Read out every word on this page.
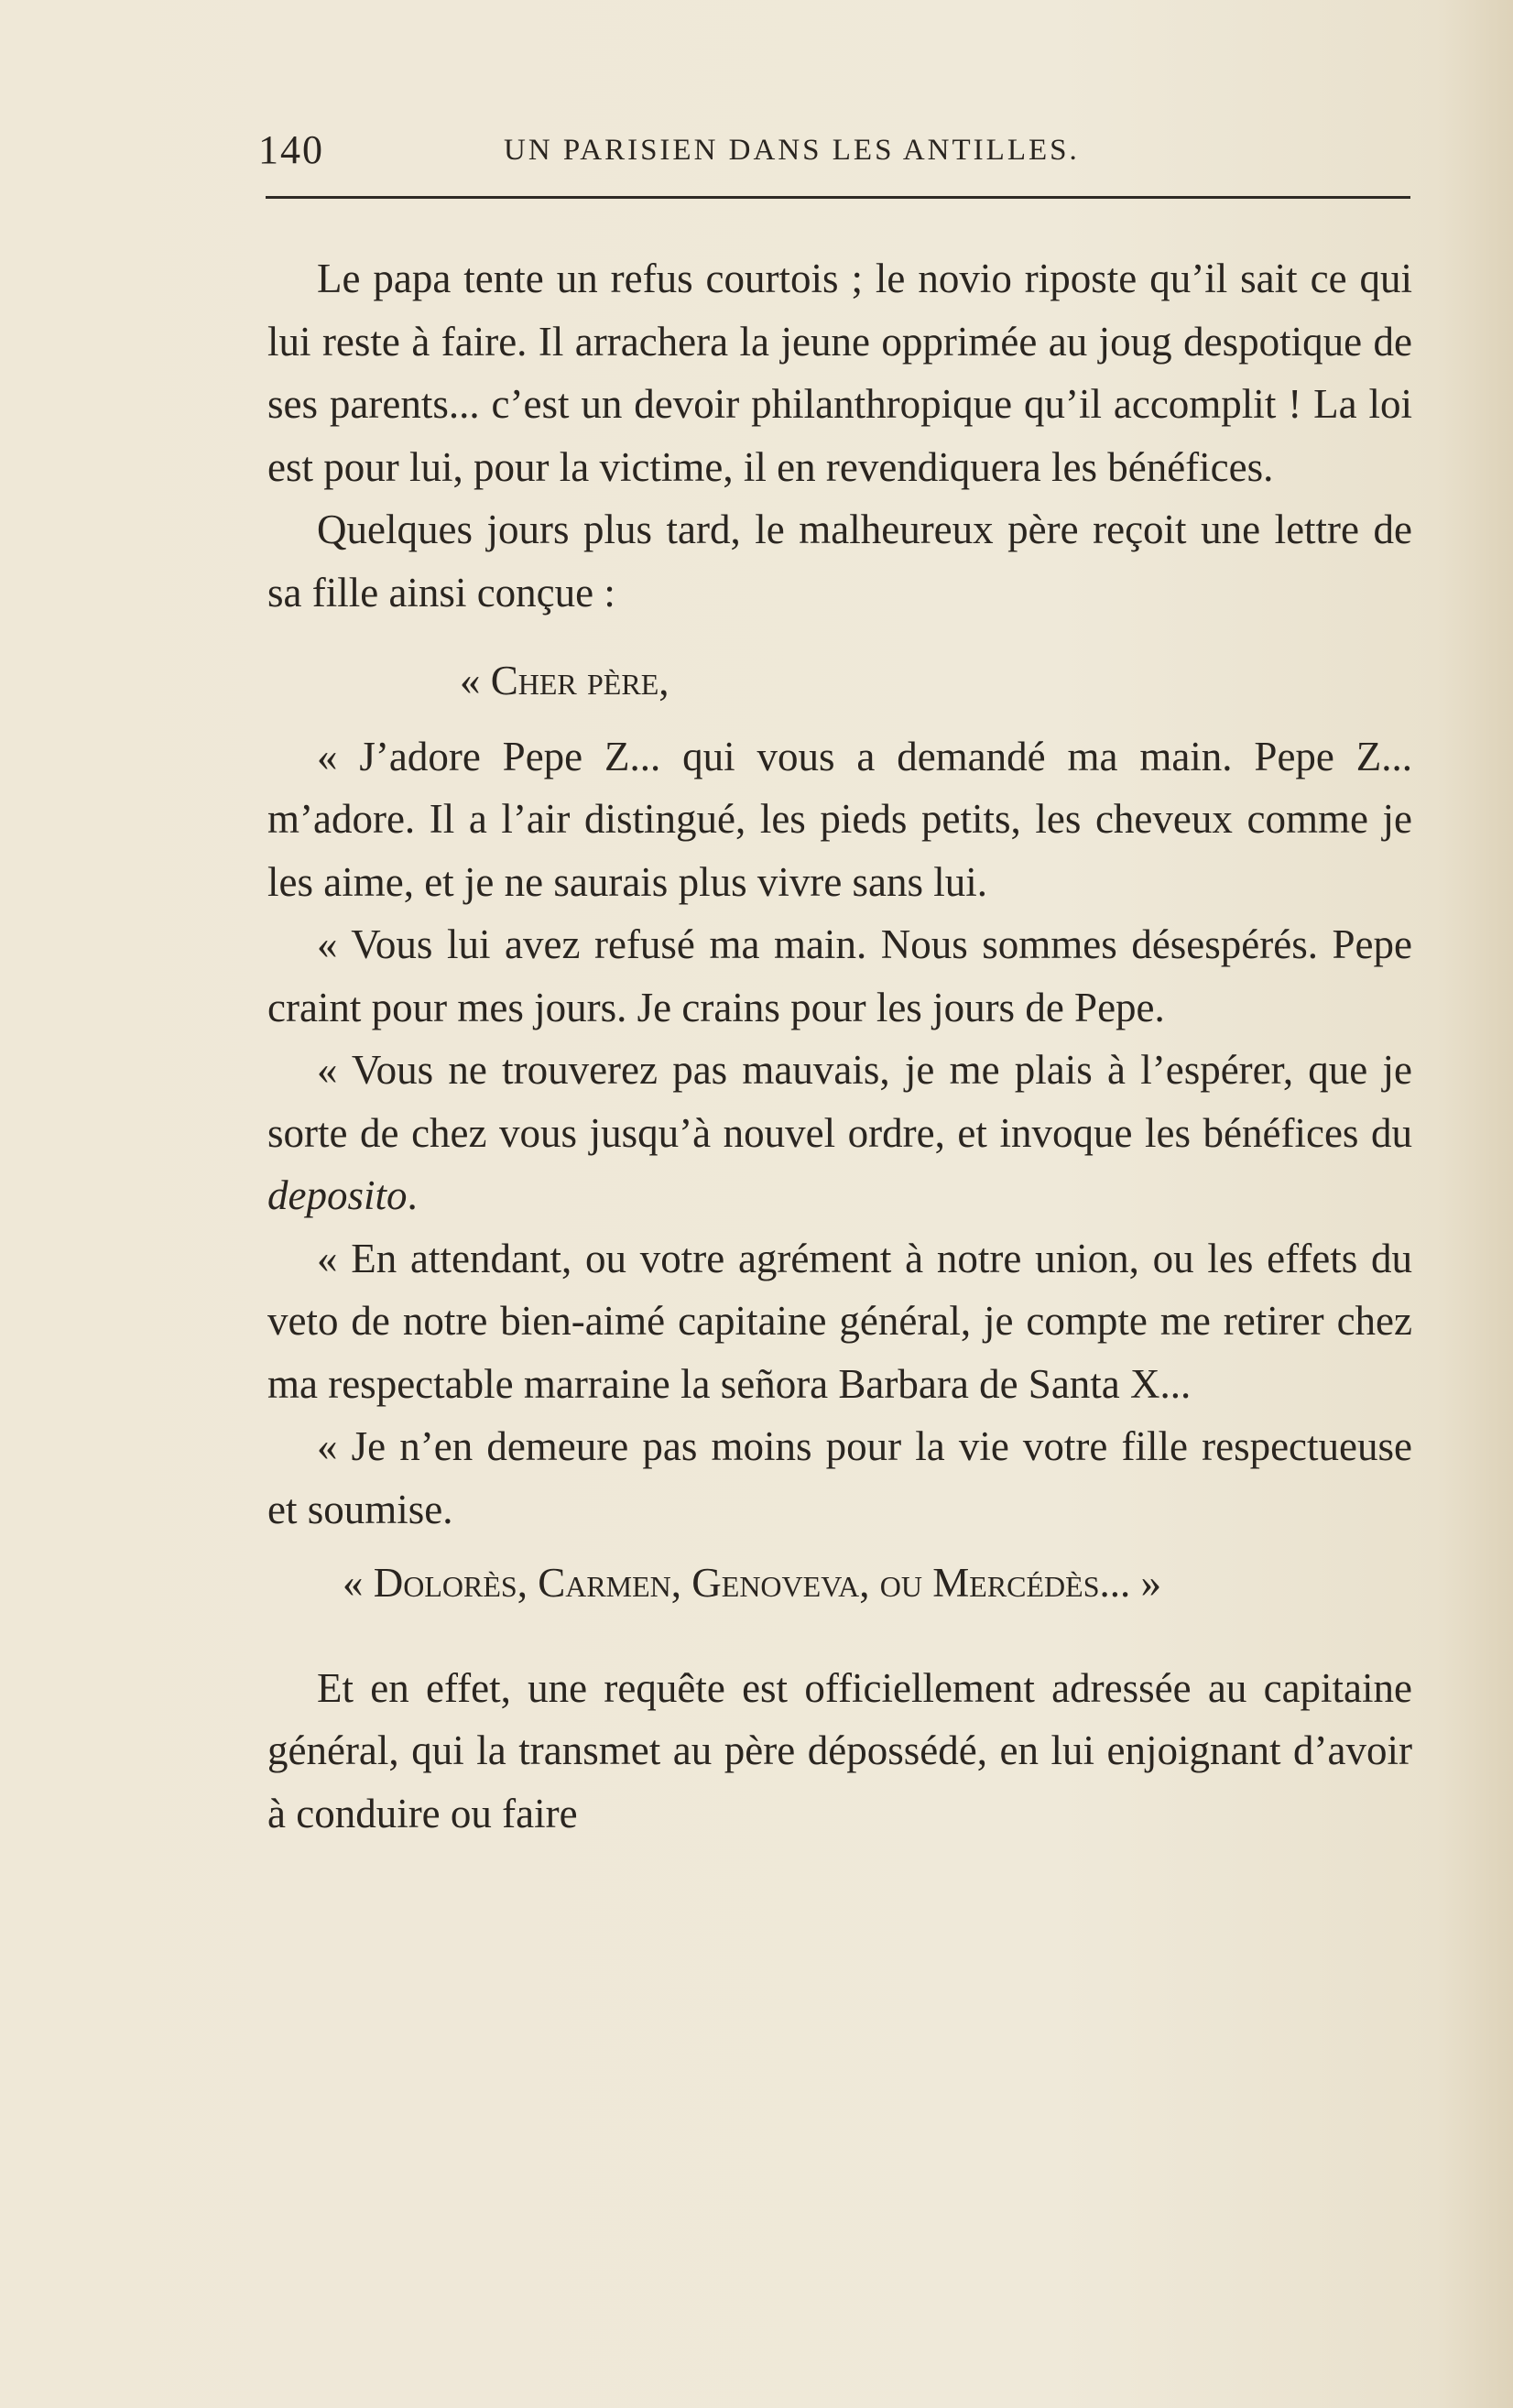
140	UN PARISIEN DANS LES ANTILLES.

Le papa tente un refus courtois ; le novio riposte qu’il sait ce qui lui reste à faire. Il arrachera la jeune opprimée au joug despotique de ses parents... c’est un devoir philanthropique qu’il accomplit ! La loi est pour lui, pour la victime, il en revendiquera les bénéfices.

Quelques jours plus tard, le malheureux père reçoit une lettre de sa fille ainsi conçue :

« Cher père,

« J’adore Pepe Z... qui vous a demandé ma main. Pepe Z... m’adore. Il a l’air distingué, les pieds petits, les cheveux comme je les aime, et je ne saurais plus vivre sans lui.

« Vous lui avez refusé ma main. Nous sommes désespérés. Pepe craint pour mes jours. Je crains pour les jours de Pepe.

« Vous ne trouverez pas mauvais, je me plais à l’espérer, que je sorte de chez vous jusqu’à nouvel ordre, et invoque les bénéfices du deposito.

« En attendant, ou votre agrément à notre union, ou les effets du veto de notre bien-aimé capitaine général, je compte me retirer chez ma respectable marraine la señora Barbara de Santa X...

« Je n’en demeure pas moins pour la vie votre fille respectueuse et soumise.

« Dolorès, Carmen, Genoveva, ou Mercédès... »

Et en effet, une requête est officiellement adressée au capitaine général, qui la transmet au père dépossédé, en lui enjoignant d’avoir à conduire ou faire
